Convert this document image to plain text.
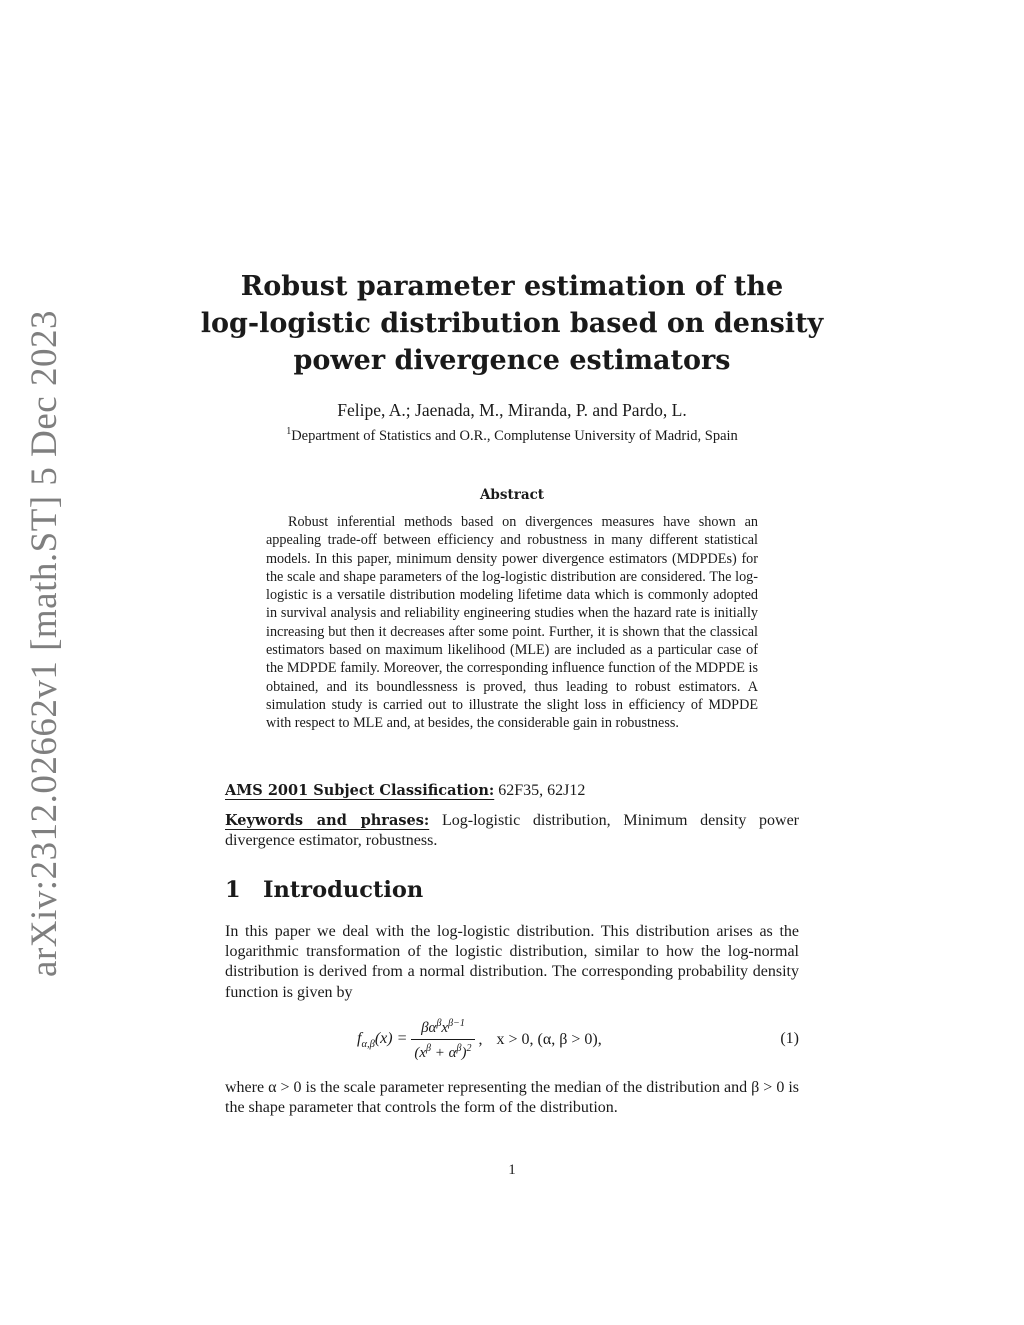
arXiv:2312.02662v1 [math.ST] 5 Dec 2023
Robust parameter estimation of the
log-logistic distribution based on density
power divergence estimators
Felipe, A.; Jaenada, M., Miranda, P. and Pardo, L.
$^1$Department of Statistics and O.R., Complutense University of Madrid, Spain
Abstract
Robust inferential methods based on divergences measures have shown an appealing trade-off between efficiency and robustness in many different statistical models. In this paper, minimum density power divergence estimators (MDPDEs) for the scale and shape parameters of the log-logistic distribution are considered. The log-logistic is a versatile distribution modeling lifetime data which is commonly adopted in survival analysis and reliability engineering studies when the hazard rate is initially increasing but then it decreases after some point. Further, it is shown that the classical estimators based on maximum likelihood (MLE) are included as a particular case of the MDPDE family. Moreover, the corresponding influence function of the MDPDE is obtained, and its boundlessness is proved, thus leading to robust estimators. A simulation study is carried out to illustrate the slight loss in efficiency of MDPDE with respect to MLE and, at besides, the considerable gain in robustness.
AMS 2001 Subject Classification: 62F35, 62J12
Keywords and phrases: Log-logistic distribution, Minimum density power divergence estimator, robustness.
1 Introduction
In this paper we deal with the log-logistic distribution. This distribution arises as the logarithmic transformation of the logistic distribution, similar to how the log-normal distribution is derived from a normal distribution. The corresponding probability density function is given by
$f_{\alpha,\beta}(x) = \frac{\beta\alpha^\beta x^{\beta-1}}{(x^\beta + \alpha^\beta)^2}$ , x > 0, (α, β > 0),	(1)
where α > 0 is the scale parameter representing the median of the distribution and β > 0 is the shape parameter that controls the form of the distribution.
1
